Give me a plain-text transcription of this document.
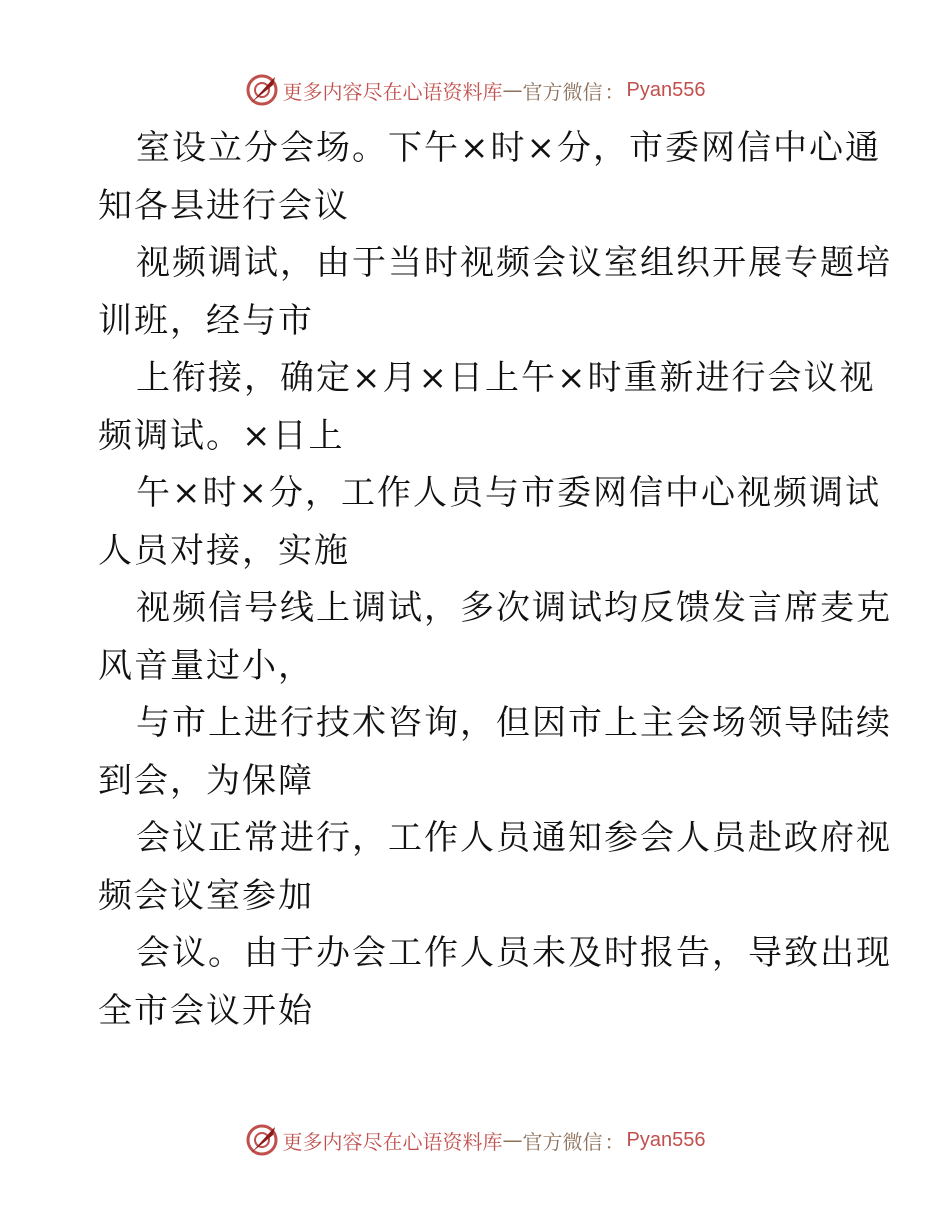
更多内容尽在心语资料库 — 官方微信 ： Pyan556
室设立分会场。下午×时×分，市委网信中心通
知各县进行会议
视频调试，由于当时视频会议室组织开展专题培
训班，经与市
上衔接，确定×月×日上午×时重新进行会议视
频调试。×日上
午×时×分，工作人员与市委网信中心视频调试
人员对接，实施
视频信号线上调试，多次调试均反馈发言席麦克
风音量过小，
与市上进行技术咨询，但因市上主会场领导陆续
到会，为保障
会议正常进行，工作人员通知参会人员赴政府视
频会议室参加
会议。由于办会工作人员未及时报告，导致出现
全市会议开始
更多内容尽在心语资料库 — 官方微信 ： Pyan556
